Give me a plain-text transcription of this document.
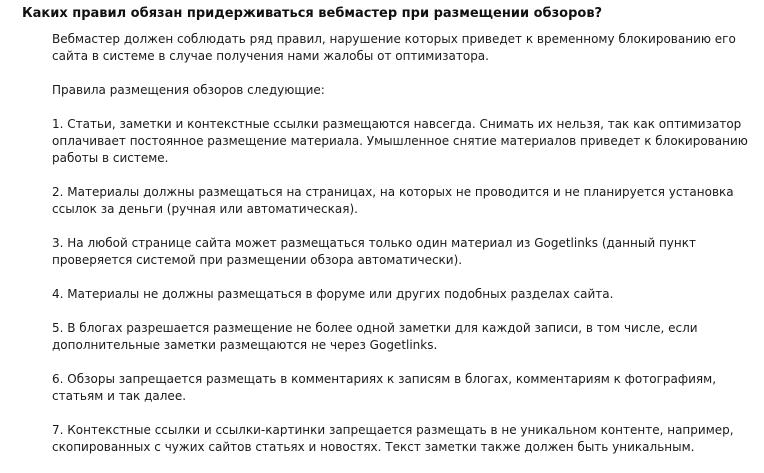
Каких правил обязан придерживаться вебмастер при размещении обзоров?

Вебмастер должен соблюдать ряд правил, нарушение которых приведет к временному блокированию его сайта в системе в случае получения нами жалобы от оптимизатора.

Правила размещения обзоров следующие:

1. Статьи, заметки и контекстные ссылки размещаются навсегда. Снимать их нельзя, так как оптимизатор оплачивает постоянное размещение материала. Умышленное снятие материалов приведет к блокированию работы в системе.

2. Материалы должны размещаться на страницах, на которых не проводится и не планируется установка ссылок за деньги (ручная или автоматическая).

3. На любой странице сайта может размещаться только один материал из Gogetlinks (данный пункт проверяется системой при размещении обзора автоматически).

4. Материалы не должны размещаться в форуме или других подобных разделах сайта.

5. В блогах разрешается размещение не более одной заметки для каждой записи, в том числе, если дополнительные заметки размещаются не через Gogetlinks.

6. Обзоры запрещается размещать в комментариях к записям в блогах, комментариям к фотографиям, статьям и так далее.

7. Контекстные ссылки и ссылки-картинки запрещается размещать в не уникальном контенте, например, скопированных с чужих сайтов статьях и новостях. Текст заметки также должен быть уникальным.
